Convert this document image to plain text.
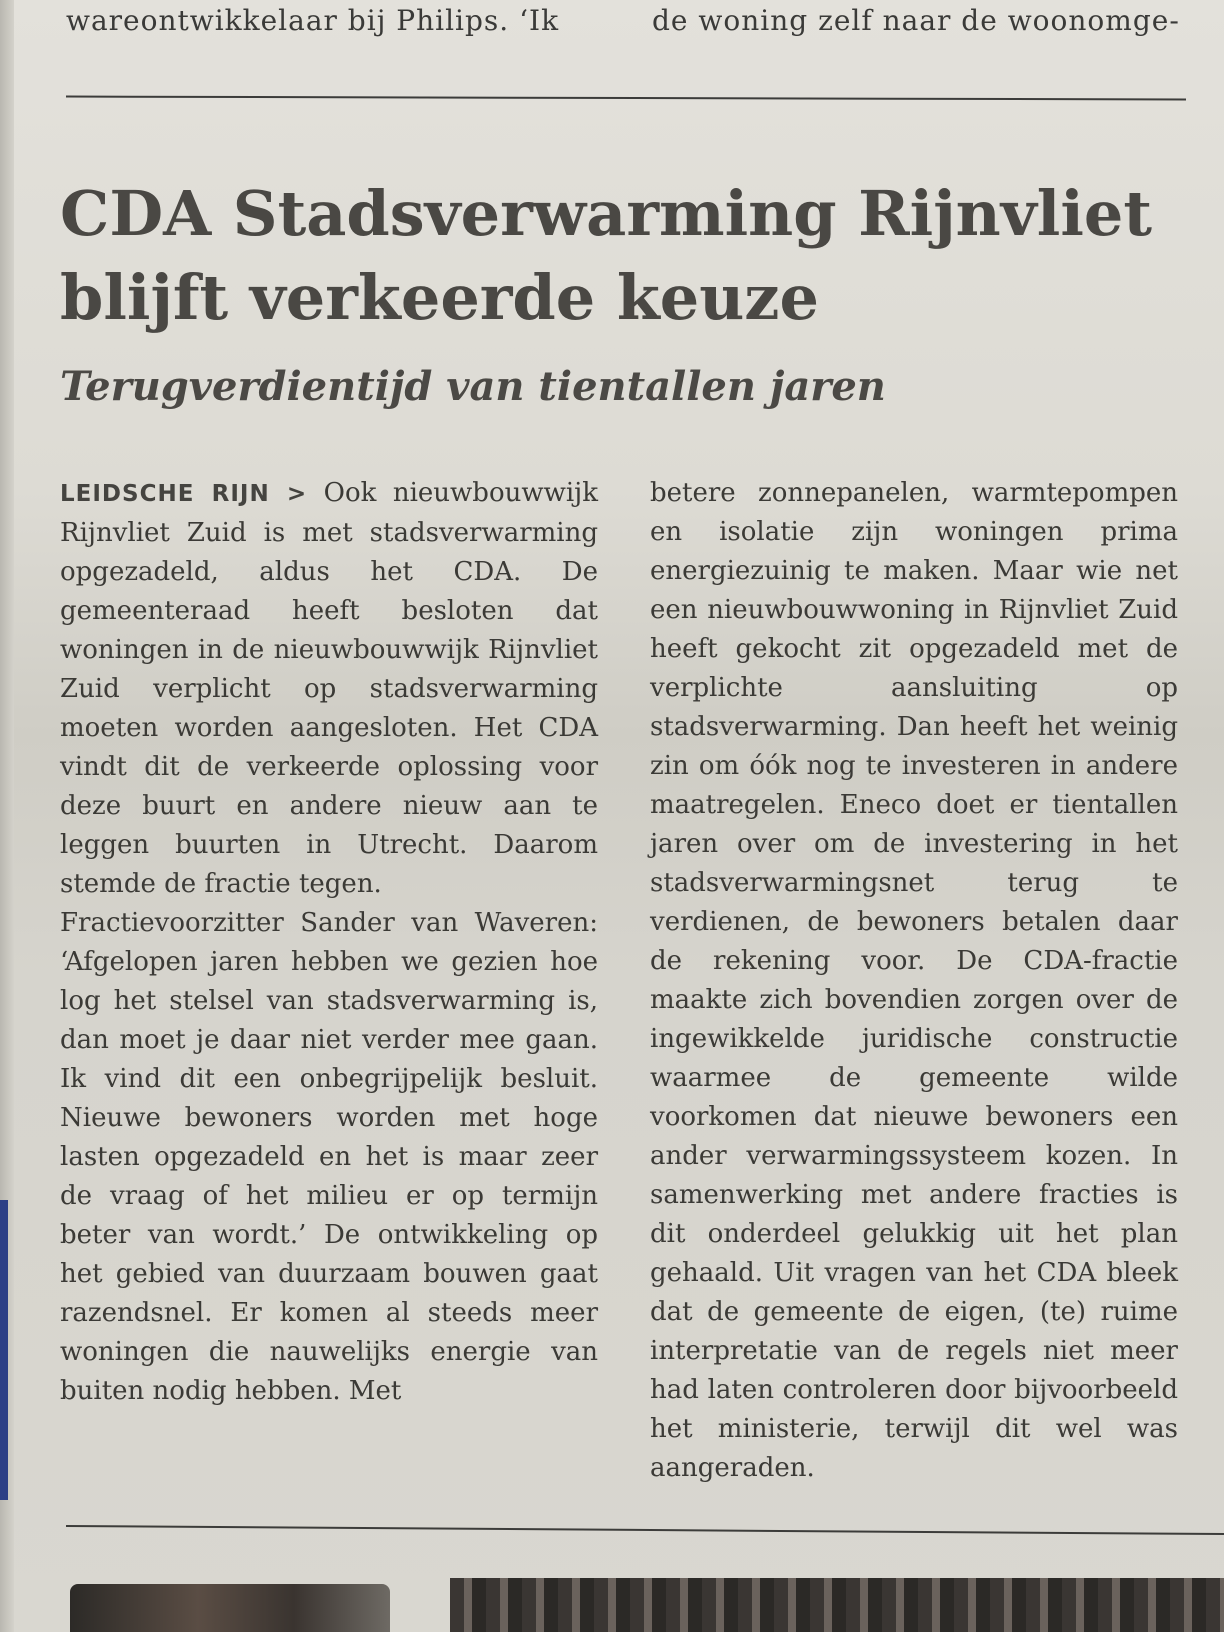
wareontwikkelaar bij Philips. ‘Ik	de woning zelf naar de woonomge-
CDA Stadsverwarming Rijnvliet blijft verkeerde keuze
Terugverdientijd van tientallen jaren

LEIDSCHE RIJN > Ook nieuwbouwwijk Rijnvliet Zuid is met stadsverwarming opgezadeld, aldus het CDA. De gemeenteraad heeft besloten dat woningen in de nieuwbouwwijk Rijnvliet Zuid verplicht op stadsverwarming moeten worden aangesloten. Het CDA vindt dit de verkeerde oplossing voor deze buurt en andere nieuw aan te leggen buurten in Utrecht. Daarom stemde de fractie tegen.

Fractievoorzitter Sander van Waveren: ‘Afgelopen jaren hebben we gezien hoe log het stelsel van stadsverwarming is, dan moet je daar niet verder mee gaan. Ik vind dit een onbegrijpelijk besluit. Nieuwe bewoners worden met hoge lasten opgezadeld en het is maar zeer de vraag of het milieu er op termijn beter van wordt.’ De ontwikkeling op het gebied van duurzaam bouwen gaat razendsnel. Er komen al steeds meer woningen die nauwelijks energie van buiten nodig hebben. Met

betere zonnepanelen, warmtepompen en isolatie zijn woningen prima energiezuinig te maken. Maar wie net een nieuwbouwwoning in Rijnvliet Zuid heeft gekocht zit opgezadeld met de verplichte aansluiting op stadsverwarming. Dan heeft het weinig zin om óók nog te investeren in andere maatregelen. Eneco doet er tientallen jaren over om de investering in het stadsverwarmingsnet terug te verdienen, de bewoners betalen daar de rekening voor. De CDA-fractie maakte zich bovendien zorgen over de ingewikkelde juridische constructie waarmee de gemeente wilde voorkomen dat nieuwe bewoners een ander verwarmingssysteem kozen. In samenwerking met andere fracties is dit onderdeel gelukkig uit het plan gehaald. Uit vragen van het CDA bleek dat de gemeente de eigen, (te) ruime interpretatie van de regels niet meer had laten controleren door bijvoorbeeld het ministerie, terwijl dit wel was aangeraden.
